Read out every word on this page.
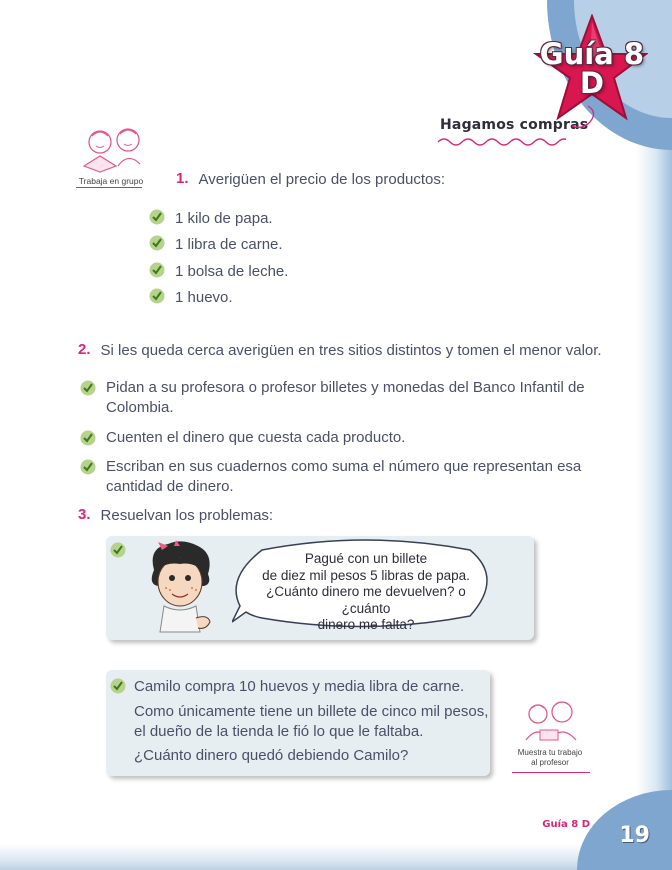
Guía 8
D
Hagamos compras
Trabaja en grupo	1. Averigüen el precio de los productos:
1 kilo de papa.
1 libra de carne.
1 bolsa de leche.
1 huevo.
2. Si les queda cerca averigüen en tres sitios distintos y tomen el menor valor.
Pidan a su profesora o profesor billetes y monedas del Banco Infantil de
Colombia.
Cuenten el dinero que cuesta cada producto.
Escriban en sus cuadernos como suma el número que representan esa
cantidad de dinero.
3. Resuelvan los problemas:
Pagué con un billete
de diez mil pesos 5 libras de papa.
¿Cuánto dinero me devuelven? o ¿cuánto
dinero me falta?
Camilo compra 10 huevos y media libra de carne.
Como únicamente tiene un billete de cinco mil pesos,
el dueño de la tienda le fió lo que le faltaba.
¿Cuánto dinero quedó debiendo Camilo?	Muestra tu trabajo
al profesor
Guía 8 D 19
